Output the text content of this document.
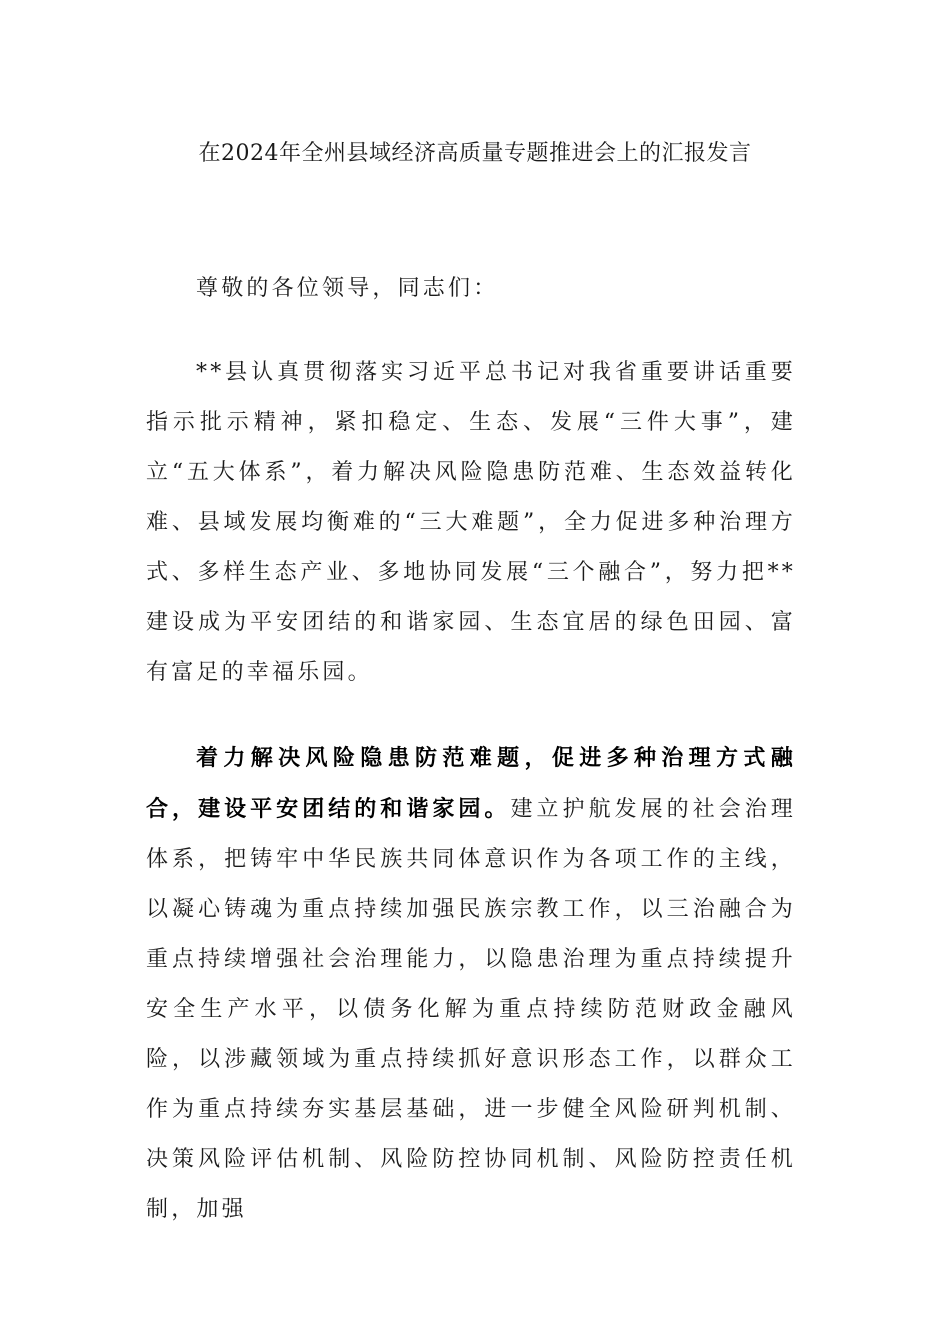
在2024年全州县域经济高质量专题推进会上的汇报发言

尊敬的各位领导，同志们：

**县认真贯彻落实习近平总书记对我省重要讲话重要指示批示精神，紧扣稳定、生态、发展“三件大事”，建立“五大体系”，着力解决风险隐患防范难、生态效益转化难、县域发展均衡难的“三大难题”，全力促进多种治理方式、多样生态产业、多地协同发展“三个融合”，努力把**建设成为平安团结的和谐家园、生态宜居的绿色田园、富有富足的幸福乐园。

着力解决风险隐患防范难题，促进多种治理方式融合，建设平安团结的和谐家园。建立护航发展的社会治理体系，把铸牢中华民族共同体意识作为各项工作的主线，以凝心铸魂为重点持续加强民族宗教工作，以三治融合为重点持续增强社会治理能力，以隐患治理为重点持续提升安全生产水平，以债务化解为重点持续防范财政金融风险，以涉藏领域为重点持续抓好意识形态工作，以群众工作为重点持续夯实基层基础，进一步健全风险研判机制、决策风险评估机制、风险防控协同机制、风险防控责任机制，加强
